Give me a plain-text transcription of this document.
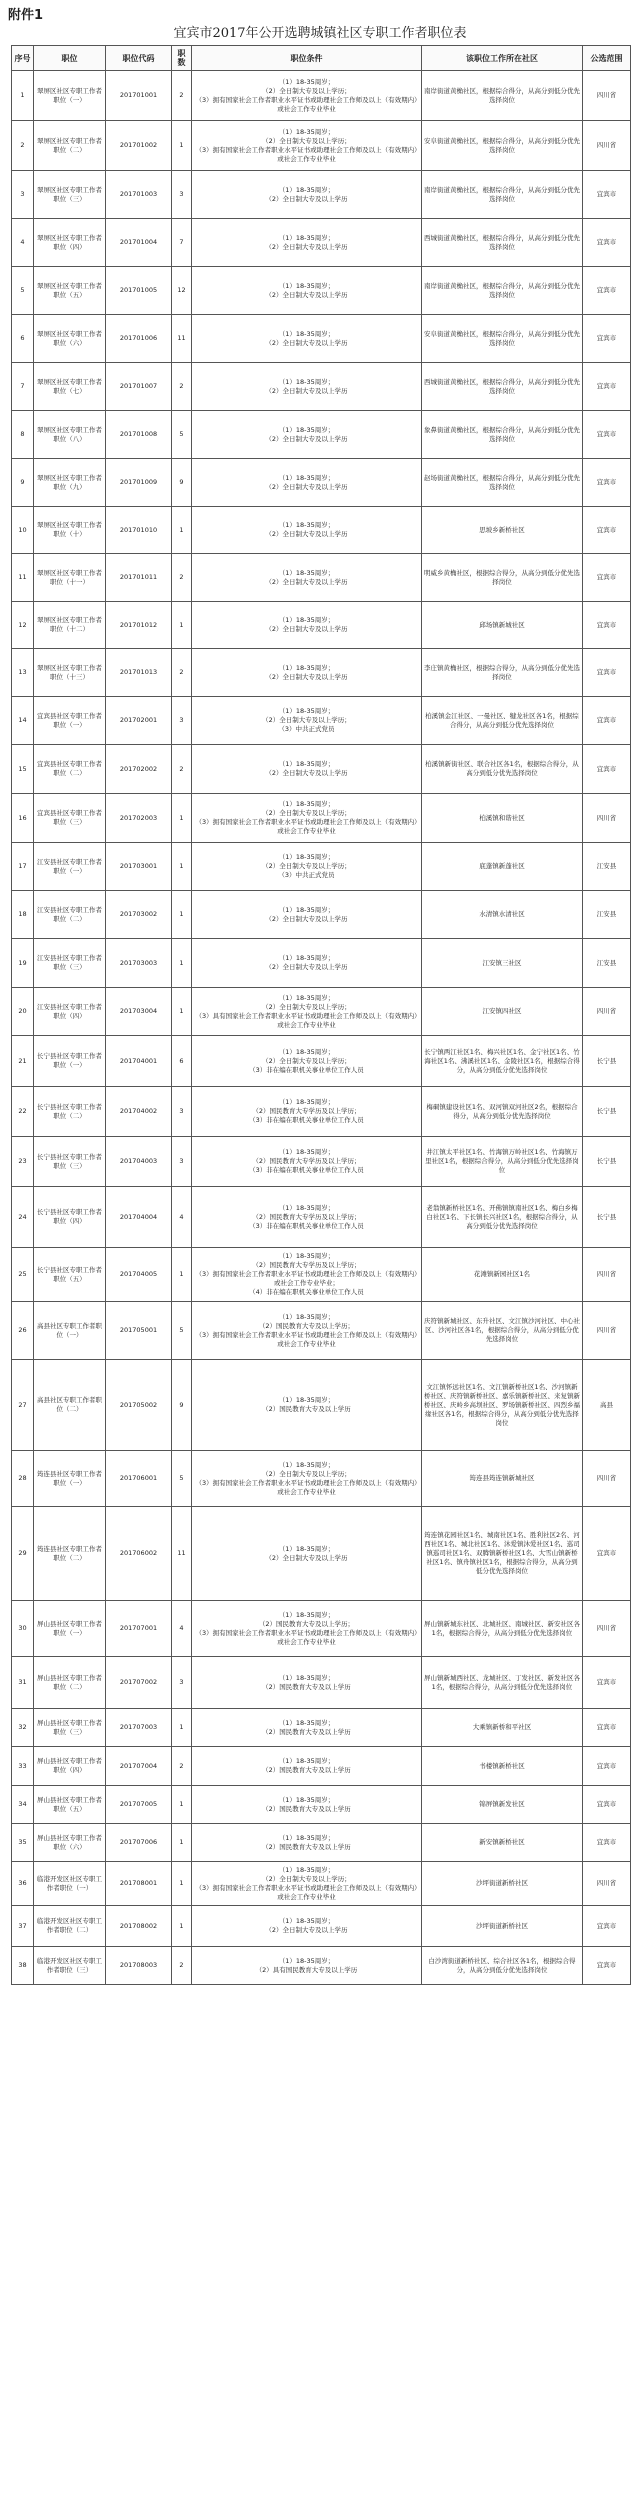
附件1
宜宾市2017年公开选聘城镇社区专职工作者职位表
序号	职位	职位代码	职数	职位条件	该职位工作所在社区	公选范围
1	翠屏区社区专职工作者职位（一）	201701001	2	（1）18-35周岁；
（2）全日制大专及以上学历；
（3）拥有国家社会工作者职业水平证书或助理社会工作师及以上（有效期内）或社会工作专业毕业	南岸街道黄桷社区，根据综合得分，从高分到低分优先选择岗位	四川省
2	翠屏区社区专职工作者职位（二）	201701002	1	（1）18-35周岁；
（2）全日制大专及以上学历；
（3）拥有国家社会工作者职业水平证书或助理社会工作师及以上（有效期内）或社会工作专业毕业	安阜街道黄桷社区，根据综合得分，从高分到低分优先选择岗位	四川省
3	翠屏区社区专职工作者职位（三）	201701003	3	（1）18-35周岁；
（2）全日制大专及以上学历	南岸街道黄桷社区，根据综合得分，从高分到低分优先选择岗位	宜宾市
4	翠屏区社区专职工作者职位（四）	201701004	7	（1）18-35周岁；
（2）全日制大专及以上学历	西城街道黄桷社区，根据综合得分，从高分到低分优先选择岗位	宜宾市
5	翠屏区社区专职工作者职位（五）	201701005	12	（1）18-35周岁；
（2）全日制大专及以上学历	南岸街道黄桷社区，根据综合得分，从高分到低分优先选择岗位	宜宾市
6	翠屏区社区专职工作者职位（六）	201701006	11	（1）18-35周岁；
（2）全日制大专及以上学历	安阜街道黄桷社区，根据综合得分，从高分到低分优先选择岗位	宜宾市
7	翠屏区社区专职工作者职位（七）	201701007	2	（1）18-35周岁；
（2）全日制大专及以上学历	西城街道黄桷社区，根据综合得分，从高分到低分优先选择岗位	宜宾市
8	翠屏区社区专职工作者职位（八）	201701008	5	（1）18-35周岁；
（2）全日制大专及以上学历	象鼻街道黄桷社区，根据综合得分，从高分到低分优先选择岗位	宜宾市
9	翠屏区社区专职工作者职位（九）	201701009	9	（1）18-35周岁；
（2）全日制大专及以上学历	赵场街道黄桷社区，根据综合得分，从高分到低分优先选择岗位	宜宾市
10	翠屏区社区专职工作者职位（十）	201701010	1	（1）18-35周岁；
（2）全日制大专及以上学历	思坡乡新桥社区	宜宾市
11	翠屏区社区专职工作者职位（十一）	201701011	2	（1）18-35周岁；
（2）全日制大专及以上学历	明威乡黄桷社区，根据综合得分，从高分到低分优先选择岗位	宜宾市
12	翠屏区社区专职工作者职位（十二）	201701012	1	（1）18-35周岁；
（2）全日制大专及以上学历	邱场镇新城社区	宜宾市
13	翠屏区社区专职工作者职位（十三）	201701013	2	（1）18-35周岁；
（2）全日制大专及以上学历	李庄镇黄桷社区，根据综合得分，从高分到低分优先选择岗位	宜宾市
14	宜宾县社区专职工作者职位（一）	201702001	3	（1）18-35周岁；
（2）全日制大专及以上学历；
（3）中共正式党员	柏溪镇金江社区、一曼社区、犍龙社区各1名，根据综合得分，从高分到低分优先选择岗位	宜宾市
15	宜宾县社区专职工作者职位（二）	201702002	2	（1）18-35周岁；
（2）全日制大专及以上学历	柏溪镇新街社区、联合社区各1名，根据综合得分，从高分到低分优先选择岗位	宜宾市
16	宜宾县社区专职工作者职位（三）	201702003	1	（1）18-35周岁；
（2）全日制大专及以上学历；
（3）拥有国家社会工作者职业水平证书或助理社会工作师及以上（有效期内）或社会工作专业毕业	柏溪镇和谐社区	四川省
17	江安县社区专职工作者职位（一）	201703001	1	（1）18-35周岁；
（2）全日制大专及以上学历；
（3）中共正式党员	底蓬镇新蓬社区	江安县
18	江安县社区专职工作者职位（二）	201703002	1	（1）18-35周岁；
（2）全日制大专及以上学历	水清镇水清社区	江安县
19	江安县社区专职工作者职位（三）	201703003	1	（1）18-35周岁；
（2）全日制大专及以上学历	江安镇三社区	江安县
20	江安县社区专职工作者职位（四）	201703004	1	（1）18-35周岁；
（2）全日制大专及以上学历；
（3）具有国家社会工作者职业水平证书或助理社会工作师及以上（有效期内）或社会工作专业毕业	江安镇四社区	四川省
21	长宁县社区专职工作者职位（一）	201704001	6	（1）18-35周岁；
（2）全日制大专及以上学历；
（3）非在编在职机关事业单位工作人员	长宁镇两江社区1名、梅兴社区1名、金宁社区1名、竹海社区1名、沸溪社区1名、金陵社区1名，根据综合得分，从高分到低分优先选择岗位	长宁县
22	长宁县社区专职工作者职位（二）	201704002	3	（1）18-35周岁；
（2）国民教育大专学历及以上学历；
（3）非在编在职机关事业单位工作人员	梅硐镇建设社区1名、双河镇双河社区2名，根据综合得分，从高分到低分优先选择岗位	长宁县
23	长宁县社区专职工作者职位（三）	201704003	3	（1）18-35周岁；
（2）国民教育大专学历及以上学历；
（3）非在编在职机关事业单位工作人员	井江镇太平社区1名、竹海镇万岭社区1名、竹海镇万里社区1名，根据综合得分，从高分到低分优先选择岗位	长宁县
24	长宁县社区专职工作者职位（四）	201704004	4	（1）18-35周岁；
（2）国民教育大专学历及以上学历；
（3）非在编在职机关事业单位工作人员	老翁镇新桥社区1名、开佛镇镇南社区1名、梅白乡梅白社区1名、下长镇长兴社区1名，根据综合得分，从高分到低分优先选择岗位	长宁县
25	长宁县社区专职工作者职位（五）	201704005	1	（1）18-35周岁；
（2）国民教育大专学历及以上学历；
（3）拥有国家社会工作者职业水平证书或助理社会工作师及以上（有效期内）或社会工作专业毕业；
（4）非在编在职机关事业单位工作人员	花滩镇新园社区1名	四川省
26	高县社区专职工作者职位（一）	201705001	5	（1）18-35周岁；
（2）国民教育大专及以上学历；
（3）拥有国家社会工作者职业水平证书或助理社会工作师及以上（有效期内）或社会工作专业毕业	庆符镇新城社区、东升社区、文江镇沙河社区、中心社区、沙河社区各1名，根据综合得分，从高分到低分优先选择岗位	四川省
27	高县社区专职工作者职位（二）	201705002	9	（1）18-35周岁；
（2）国民教育大专及以上学历	文江镇怀远社区1名、文江镇新桥社区1名、沙河镇新桥社区、庆符镇新桥社区、嘉乐镇新桥社区、来复镇新桥社区、庆岭乡高坝社区、罗场镇新桥社区、四烈乡福缘社区各1名，根据综合得分，从高分到低分优先选择岗位	高县
28	筠连县社区专职工作者职位（一）	201706001	5	（1）18-35周岁；
（2）全日制大专及以上学历；
（3）拥有国家社会工作者职业水平证书或助理社会工作师及以上（有效期内）或社会工作专业毕业	筠连县筠连镇新城社区	四川省
29	筠连县社区专职工作者职位（二）	201706002	11	（1）18-35周岁；
（2）全日制大专及以上学历	筠连镇花园社区1名、城南社区1名、胜利社区2名、河西社区1名、城北社区1名、沐爱镇沐爱社区1名、巡司镇巡司社区1名、双腾镇新桥社区1名、大雪山镇新桥社区1名、镇舟镇社区1名，根据综合得分，从高分到低分优先选择岗位	宜宾市
30	屏山县社区专职工作者职位（一）	201707001	4	（1）18-35周岁；
（2）国民教育大专及以上学历；
（3）拥有国家社会工作者职业水平证书或助理社会工作师及以上（有效期内）或社会工作专业毕业	屏山镇新城东社区、北城社区、南城社区、新安社区各1名，根据综合得分，从高分到低分优先选择岗位	四川省
31	屏山县社区专职工作者职位（二）	201707002	3	（1）18-35周岁；
（2）国民教育大专及以上学历	屏山镇新城西社区、龙城社区、丁发社区、新发社区各1名，根据综合得分，从高分到低分优先选择岗位	宜宾市
32	屏山县社区专职工作者职位（三）	201707003	1	（1）18-35周岁；
（2）国民教育大专及以上学历	大乘镇新桥和平社区	宜宾市
33	屏山县社区专职工作者职位（四）	201707004	2	（1）18-35周岁；
（2）国民教育大专及以上学历	书楼镇新桥社区	宜宾市
34	屏山县社区专职工作者职位（五）	201707005	1	（1）18-35周岁；
（2）国民教育大专及以上学历	锦屏镇新发社区	宜宾市
35	屏山县社区专职工作者职位（六）	201707006	1	（1）18-35周岁；
（2）国民教育大专及以上学历	新安镇新桥社区	宜宾市
36	临港开发区社区专职工作者职位（一）	201708001	1	（1）18-35周岁；
（2）全日制大专及以上学历；
（3）拥有国家社会工作者职业水平证书或助理社会工作师及以上（有效期内）或社会工作专业毕业	沙坪街道新桥社区	四川省
37	临港开发区社区专职工作者职位（二）	201708002	1	（1）18-35周岁；
（2）全日制大专及以上学历	沙坪街道新桥社区	宜宾市
38	临港开发区社区专职工作者职位（三）	201708003	2	（1）18-35周岁；
（2）具有国民教育大专及以上学历	白沙湾街道新桥社区、综合社区各1名，根据综合得分，从高分到低分优先选择岗位	宜宾市
